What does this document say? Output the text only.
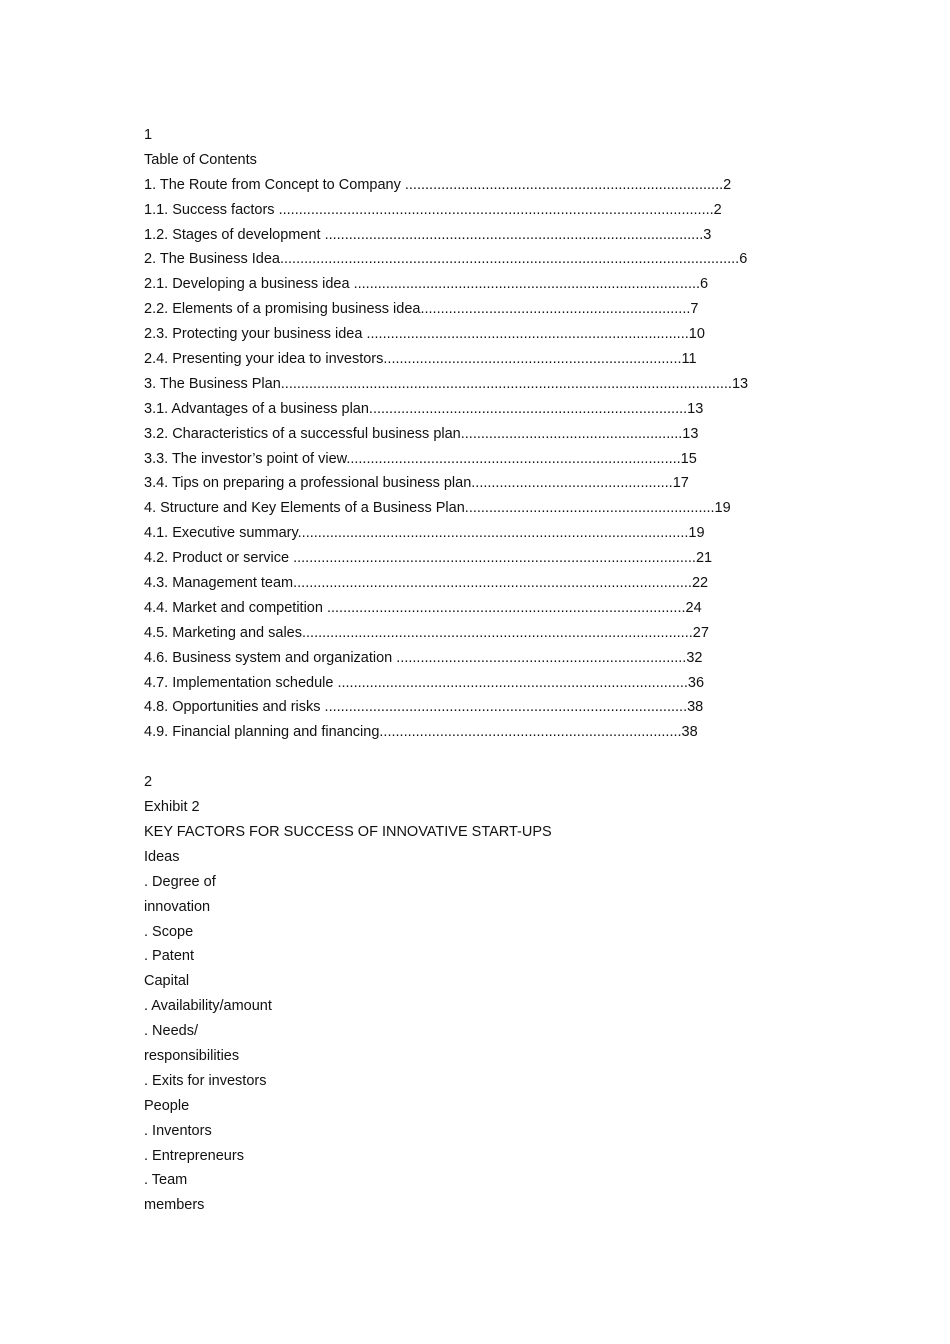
1
Table of Contents
1. The Route from Concept to Company ...............................................................................2
1.1. Success factors ............................................................................................................2
1.2. Stages of development ..............................................................................................3
2. The Business Idea..................................................................................................................6
2.1. Developing a business idea ......................................................................................6
2.2. Elements of a promising business idea...................................................................7
2.3. Protecting your business idea ................................................................................10
2.4. Presenting your idea to investors..........................................................................11
3. The Business Plan................................................................................................................13
3.1. Advantages of a business plan...............................................................................13
3.2. Characteristics of a successful business plan.......................................................13
3.3. The investor’s point of view...................................................................................15
3.4. Tips on preparing a professional business plan..................................................17
4. Structure and Key Elements of a Business Plan..............................................................19
4.1. Executive summary.................................................................................................19
4.2. Product or service ....................................................................................................21
4.3. Management team...................................................................................................22
4.4. Market and competition .........................................................................................24
4.5. Marketing and sales.................................................................................................27
4.6. Business system and organization ........................................................................32
4.7. Implementation schedule .......................................................................................36
4.8. Opportunities and risks ..........................................................................................38
4.9. Financial planning and financing...........................................................................38
2
Exhibit 2
KEY FACTORS FOR SUCCESS OF INNOVATIVE START-UPS
Ideas
. Degree of
innovation
. Scope
. Patent
Capital
. Availability/amount
. Needs/
responsibilities
. Exits for investors
People
. Inventors
. Entrepreneurs
. Team
members
